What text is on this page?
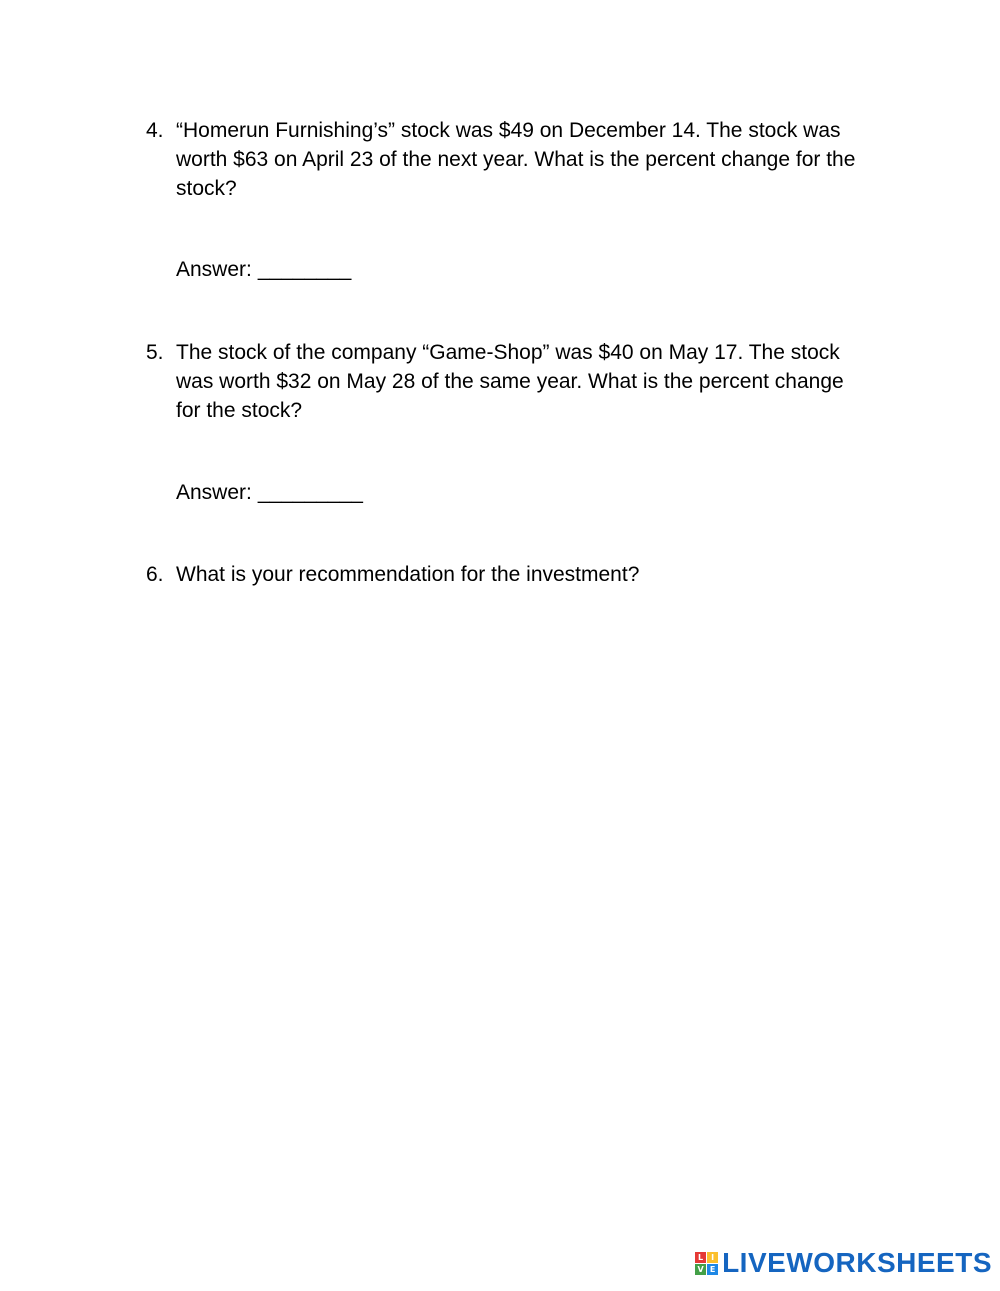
4. “Homerun Furnishing’s” stock was $49 on December 14. The stock was worth $63 on April 23 of the next year. What is the percent change for the stock?
Answer: ________
5. The stock of the company “Game-Shop” was $40 on May 17. The stock was worth $32 on May 28 of the same year. What is the percent change for the stock?
Answer: _________
6. What is your recommendation for the investment?
L I
V E LIVEWORKSHEETS
